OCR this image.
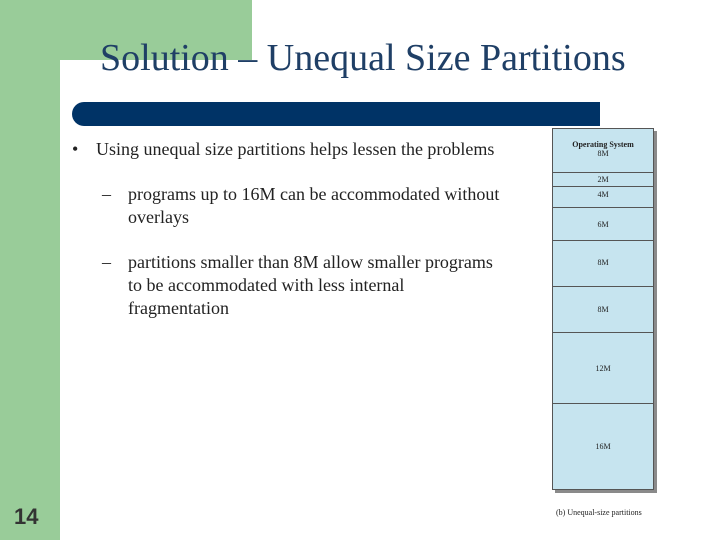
Solution – Unequal Size Partitions
• Using unequal size partitions helps lessen the problems
– programs up to 16M can be accommodated without overlays
– partitions smaller than 8M allow smaller programs to be accommodated with less internal fragmentation
Operating System
8M
2M
4M
6M
8M
8M
12M
16M
(b) Unequal-size partitions
14
